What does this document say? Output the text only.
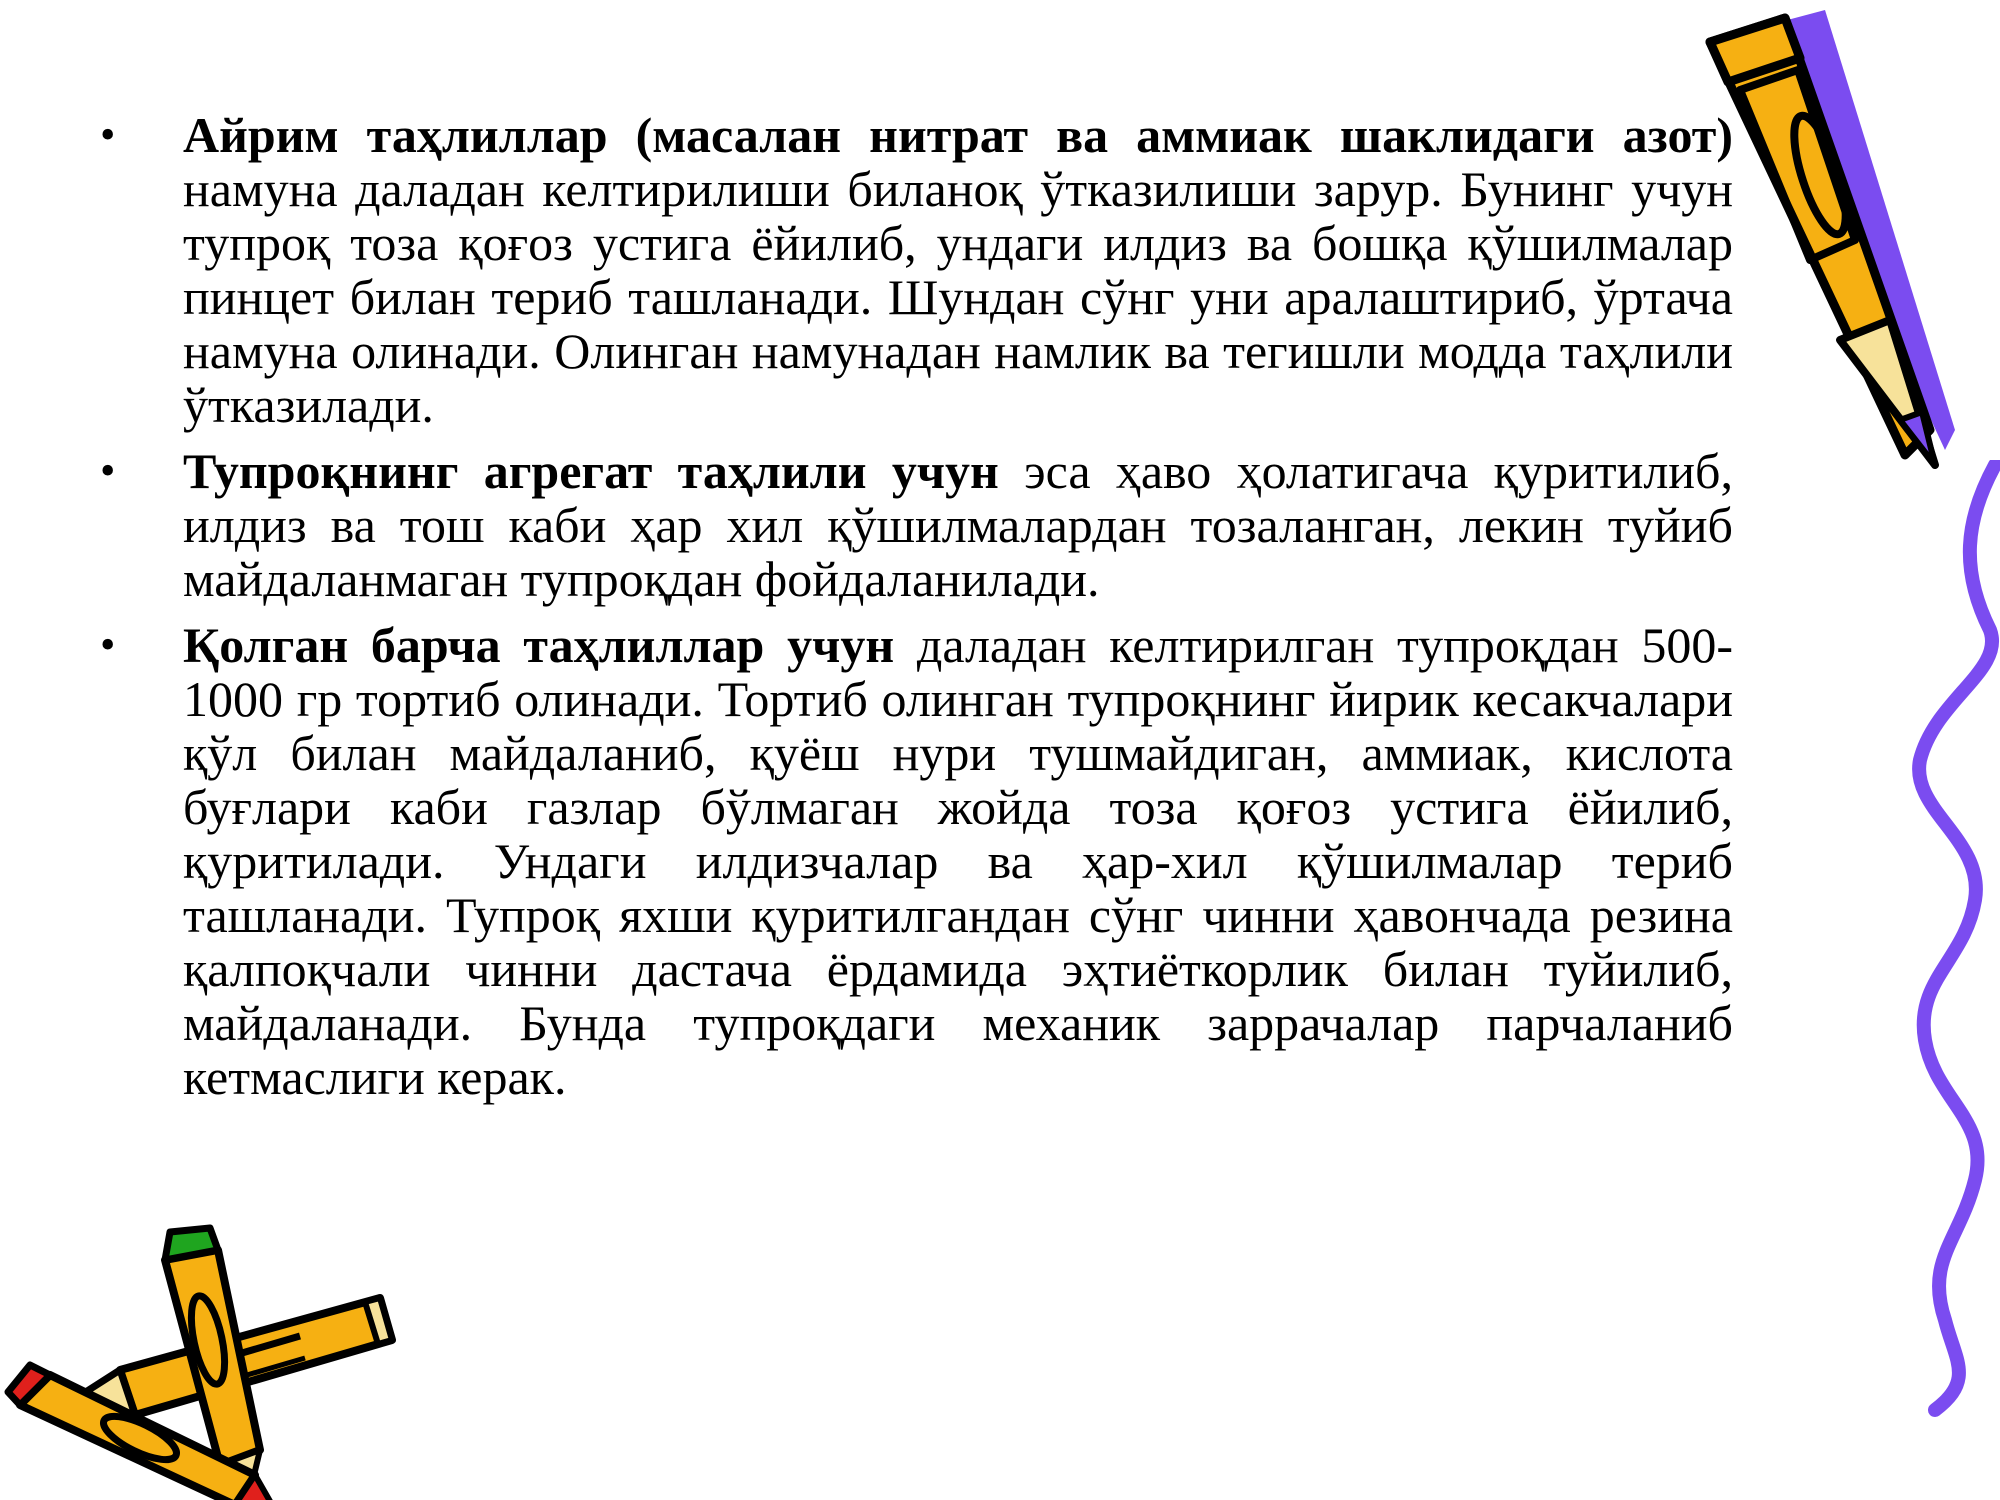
•	Айрим таҳлиллар (масалан нитрат ва аммиак шаклидаги азот) намуна даладан келтирилиши биланоқ ўтказилиши зарур. Бунинг учун тупроқ тоза қоғоз устига ёйилиб, ундаги илдиз ва бошқа қўшилмалар пинцет билан териб ташланади. Шундан сўнг уни аралаштириб, ўртача намуна олинади. Олинган намунадан намлик ва тегишли модда таҳлили ўтказилади.
•	Тупроқнинг агрегат таҳлили учун эса ҳаво ҳолатигача қуритилиб, илдиз ва тош каби ҳар хил қўшилмалардан тозаланган, лекин туйиб майдаланмаган тупроқдан фойдаланилади.
•	Қолган барча таҳлиллар учун даладан келтирилган тупроқдан 500-1000 гр тортиб олинади. Тортиб олинган тупроқнинг йирик кесакчалари қўл билан майдаланиб, қуёш нури тушмайдиган, аммиак, кислота буғлари каби газлар бўлмаган жойда тоза қоғоз устига ёйилиб, қуритилади. Ундаги илдизчалар ва ҳар-хил қўшилмалар териб ташланади. Тупроқ яхши қуритилгандан сўнг чинни ҳавончада резина қалпоқчали чинни дастача ёрдамида эҳтиёткорлик билан туйилиб, майдаланади. Бунда тупроқдаги механик заррачалар парчаланиб кетмаслиги керак.
